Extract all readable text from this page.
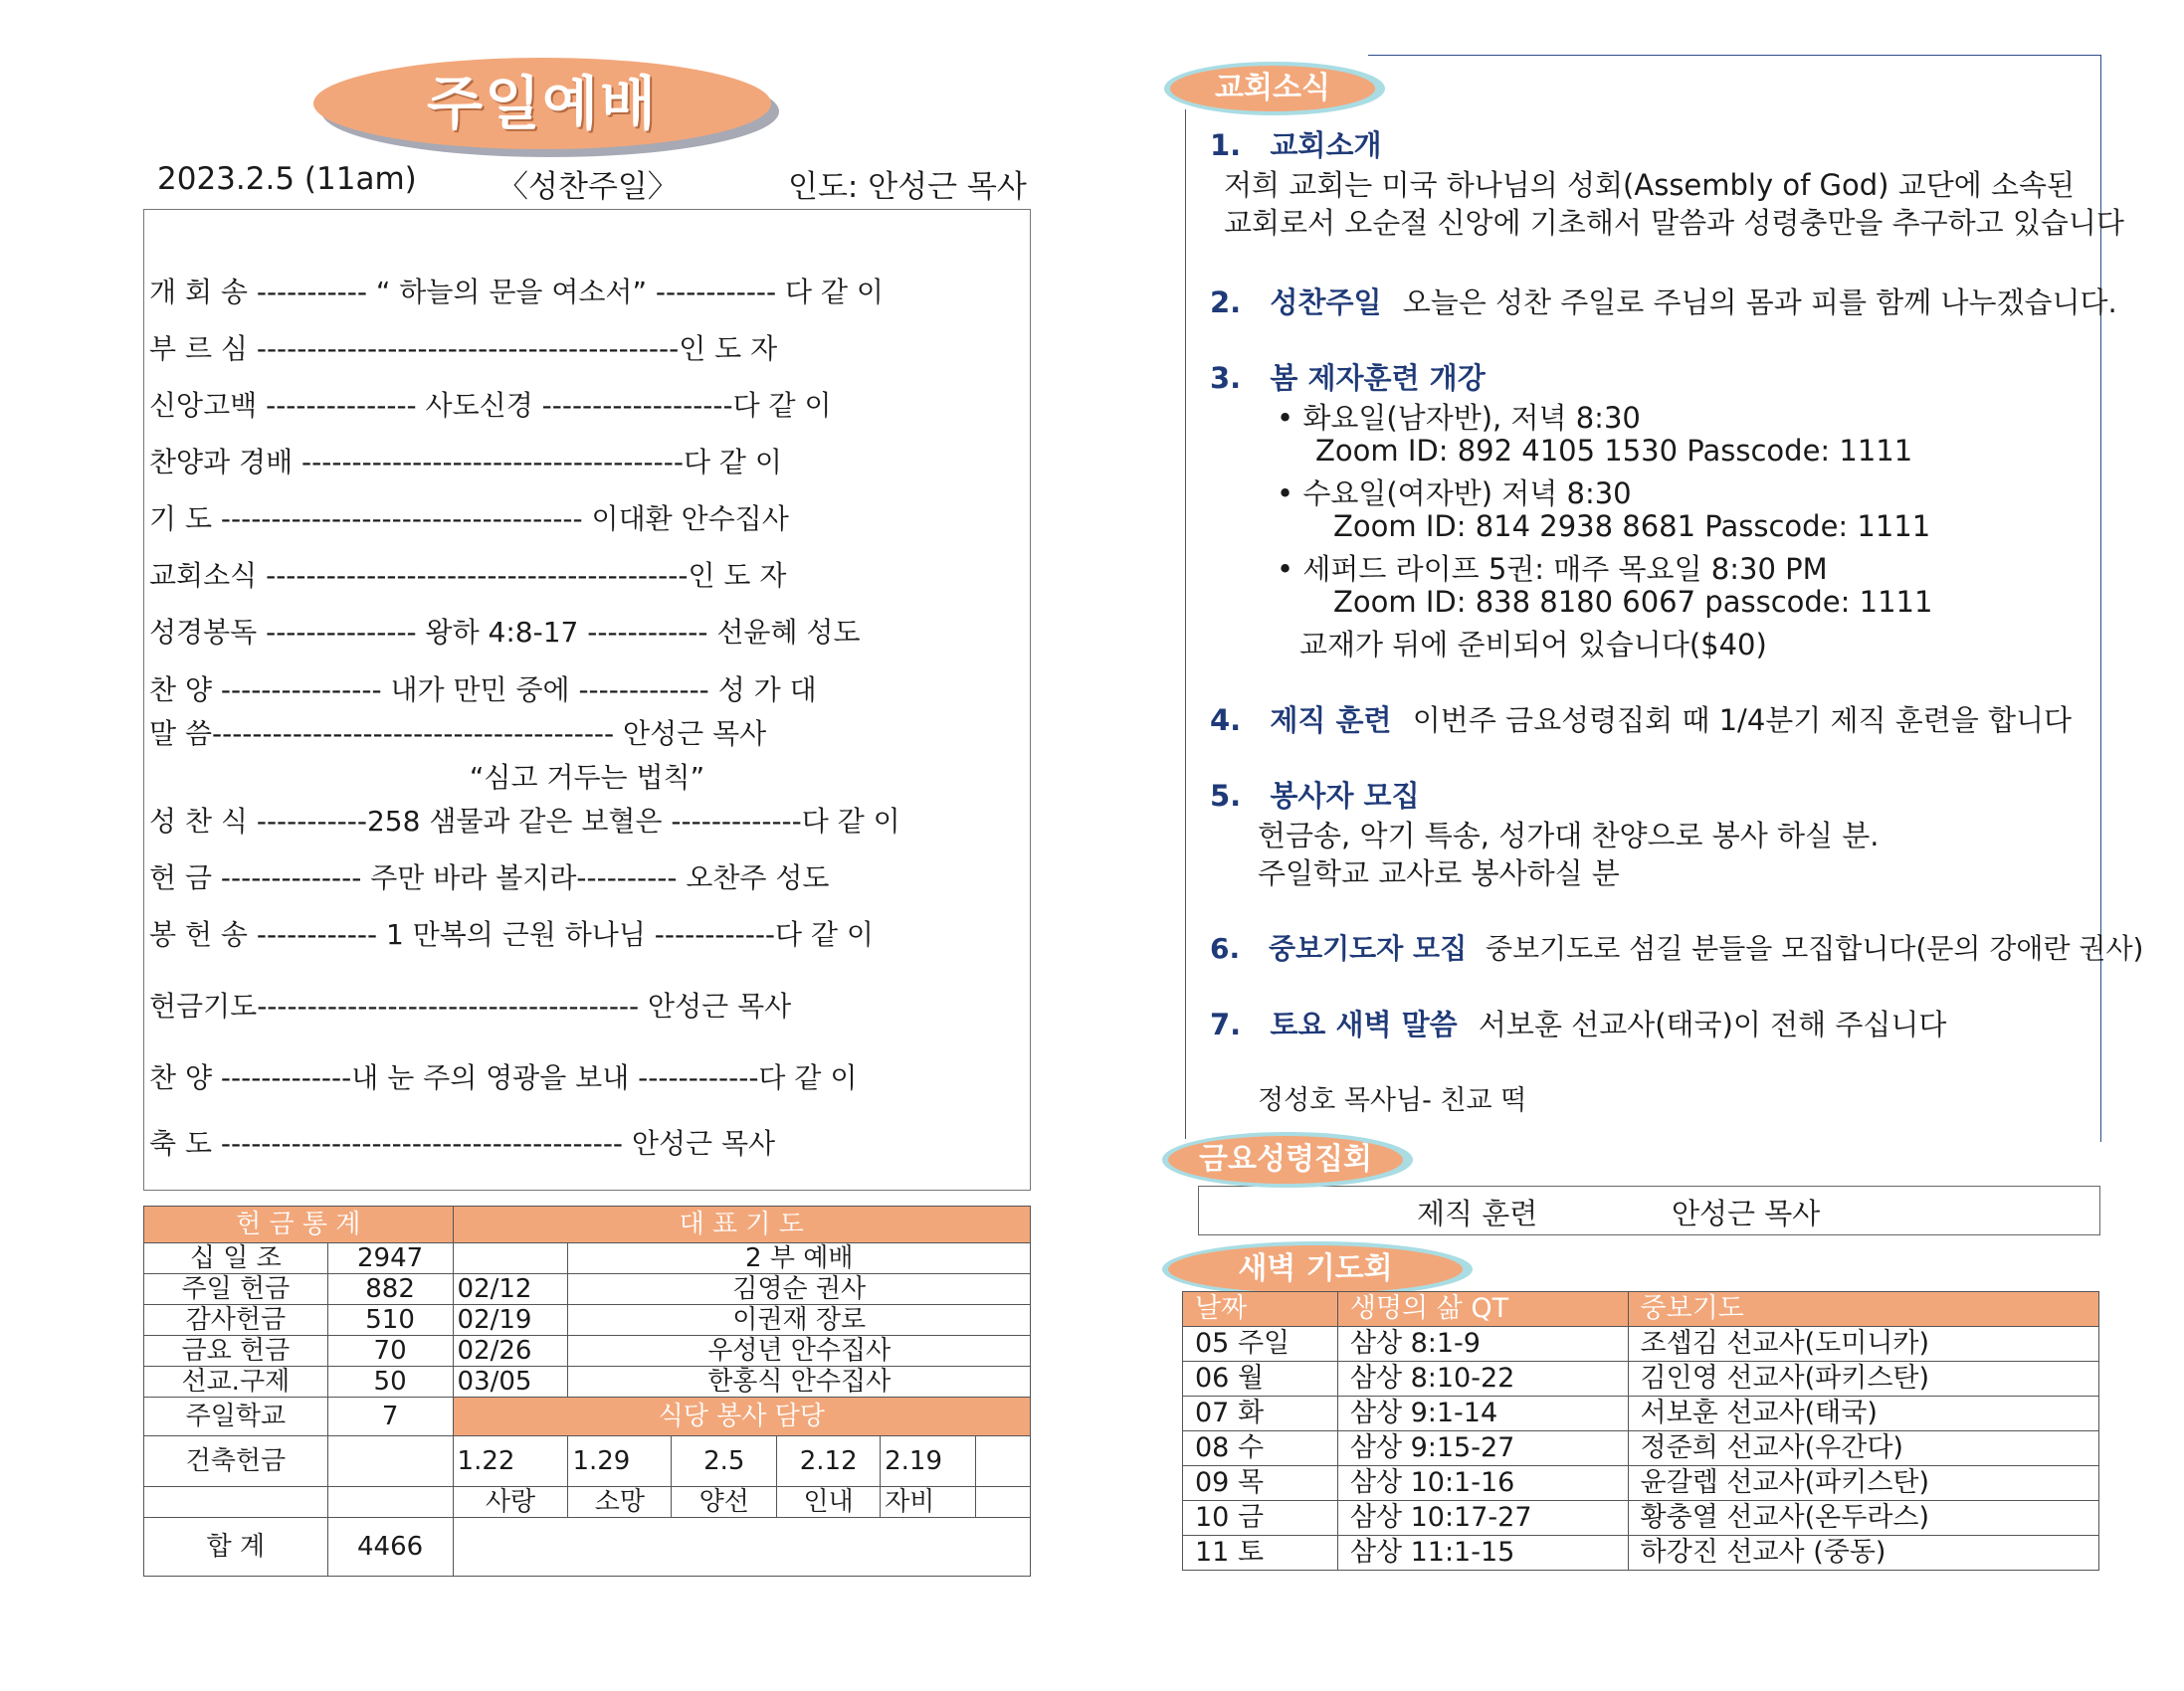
주일예배
2023.2.5 (11am)	〈성찬주일〉	인도: 안성근 목사
개 회 송 ----------- “ 하늘의 문을 여소서” ------------ 다 같 이
부 르 심 ------------------------------------------인 도 자
신앙고백 --------------- 사도신경 -------------------다 같 이
찬양과 경배 --------------------------------------다 같 이
기 도 ------------------------------------ 이대환 안수집사
교회소식 ------------------------------------------인 도 자
성경봉독 --------------- 왕하 4:8-17 ------------ 선윤혜 성도
찬 양 ---------------- 내가 만민 중에 ------------- 성 가 대
말 씀---------------------------------------- 안성근 목사
“심고 거두는 법칙”
성 찬 식 -----------258 샘물과 같은 보혈은 -------------다 같 이
헌 금 -------------- 주만 바라 볼지라---------- 오찬주 성도
봉 헌 송 ------------ 1 만복의 근원 하나님 ------------다 같 이
헌금기도-------------------------------------- 안성근 목사
찬 양 -------------내 눈 주의 영광을 보내 ------------다 같 이
축 도 ---------------------------------------- 안성근 목사
헌 금 통 계		대 표 기 도					
십 일 조	2947		2 부 예배				
주일 헌금	882	02/12	김영순 권사				
감사헌금	510	02/19	이권재 장로				
금요 헌금	70	02/26	우성년 안수집사				
선교.구제	50	03/05	한홍식 안수집사				
주일학교	7	식당 봉사 담당					
건축헌금		1.22	1.29	2.5	2.12	2.19	
		사랑	소망	양선	인내	자비	
합 계	4466						
교회소식
1. 교회소개
저희 교회는 미국 하나님의 성회(Assembly of God) 교단에 소속된
교회로서 오순절 신앙에 기초해서 말씀과 성령충만을 추구하고 있습니다
2. 성찬주일 오늘은 성찬 주일로 주님의 몸과 피를 함께 나누겠습니다.
3. 봄 제자훈련 개강
• 화요일(남자반), 저녁 8:30
Zoom ID: 892 4105 1530 Passcode: 1111
• 수요일(여자반) 저녁 8:30
Zoom ID: 814 2938 8681 Passcode: 1111
• 세퍼드 라이프 5권: 매주 목요일 8:30 PM
Zoom ID: 838 8180 6067 passcode: 1111
교재가 뒤에 준비되어 있습니다($40)
4. 제직 훈련 이번주 금요성령집회 때 1/4분기 제직 훈련을 합니다
5. 봉사자 모집
헌금송, 악기 특송, 성가대 찬양으로 봉사 하실 분.
주일학교 교사로 봉사하실 분
6. 중보기도자 모집 중보기도로 섬길 분들을 모집합니다(문의 강애란 권사)
7. 토요 새벽 말씀 서보훈 선교사(태국)이 전해 주십니다
정성호 목사님- 친교 떡
금요성령집회
제직 훈련	안성근 목사
새벽 기도회
날짜	생명의 삶 QT	중보기도
05 주일	삼상 8:1-9	조셉김 선교사(도미니카)
06 월	삼상 8:10-22	김인영 선교사(파키스탄)
07 화	삼상 9:1-14	서보훈 선교사(태국)
08 수	삼상 9:15-27	정준희 선교사(우간다)
09 목	삼상 10:1-16	윤갈렙 선교사(파키스탄)
10 금	삼상 10:17-27	황충열 선교사(온두라스)
11 토	삼상 11:1-15	하강진 선교사 (중동)
